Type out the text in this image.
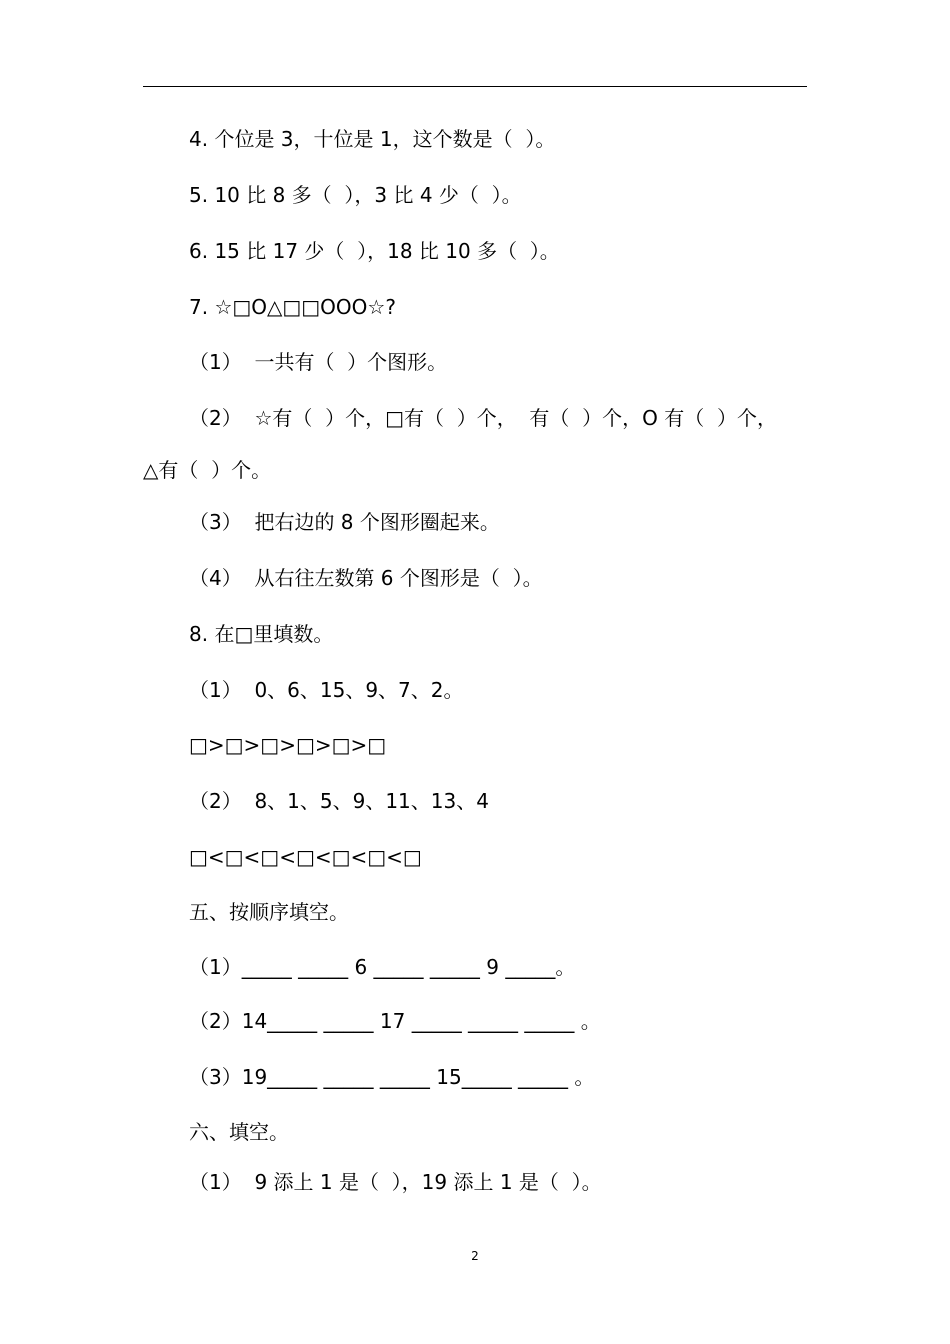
4. 个位是 3，十位是 1，这个数是（  ）。
5. 10 比 8 多（  ），3 比 4 少（  ）。
6. 15 比 17 少（  ），18 比 10 多（  ）。
7. ☆□O△□□OOO☆?
（1）  一共有（  ）个图形。
（2）  ☆有（  ）个，□有（  ）个，  有（  ）个，O 有（  ）个，
△有（  ）个。
（3）  把右边的 8 个图形圈起来。
（4）  从右往左数第 6 个图形是（  ）。
8. 在□里填数。
（1）  0、6、15、9、7、2。
□>□>□>□>□>□
（2）  8、1、5、9、11、13、4
□<□<□<□<□<□<□
五、按顺序填空。
（1）_____ _____ 6 _____ _____ 9 _____。
（2）14_____ _____ 17 _____ _____ _____ 。
（3）19_____ _____ _____ 15_____ _____ 。
六、填空。
（1）  9 添上 1 是（  ），19 添上 1 是（  ）。
2
